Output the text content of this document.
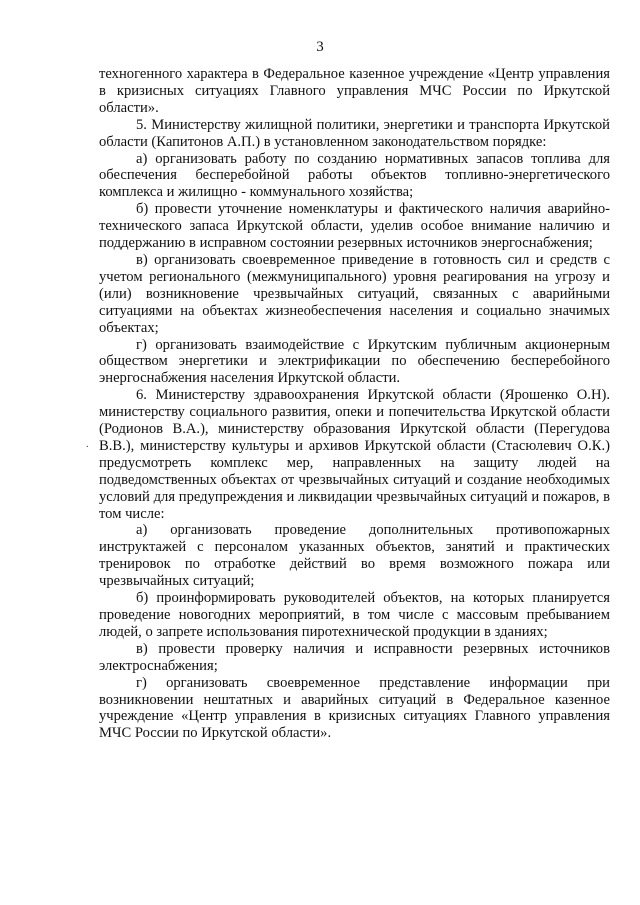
3
.

техногенного характера в Федеральное казенное учреждение «Центр управления в кризисных ситуациях Главного управления МЧС России по Иркутской области».

5. Министерству жилищной политики, энергетики и транспорта Иркутской области (Капитонов А.П.) в установленном законодательством порядке:

а) организовать работу по созданию нормативных запасов топлива для обеспечения бесперебойной работы объектов топливно-энергетического комплекса и жилищно - коммунального хозяйства;

б) провести уточнение номенклатуры и фактического наличия аварийно-технического запаса Иркутской области, уделив особое внимание наличию и поддержанию в исправном состоянии резервных источников энергоснабжения;

в) организовать своевременное приведение в готовность сил и средств с учетом регионального (межмуниципального) уровня реагирования на угрозу и (или) возникновение чрезвычайных ситуаций, связанных с аварийными ситуациями на объектах жизнеобеспечения населения и социально значимых объектах;

г) организовать взаимодействие с Иркутским публичным акционерным обществом энергетики и электрификации по обеспечению бесперебойного энергоснабжения населения Иркутской области.

6. Министерству здравоохранения Иркутской области (Ярошенко О.Н). министерству социального развития, опеки и попечительства Иркутской области (Родионов В.А.), министерству образования Иркутской области (Перегудова В.В.), министерству культуры и архивов Иркутской области (Стасюлевич О.К.) предусмотреть комплекс мер, направленных на защиту людей на подведомственных объектах от чрезвычайных ситуаций и создание необходимых условий для предупреждения и ликвидации чрезвычайных ситуаций и пожаров, в том числе:

а) организовать проведение дополнительных противопожарных инструктажей с персоналом указанных объектов, занятий и практических тренировок по отработке действий во время возможного пожара или чрезвычайных ситуаций;

б) проинформировать руководителей объектов, на которых планируется проведение новогодних мероприятий, в том числе с массовым пребыванием людей, о запрете использования пиротехнической продукции в зданиях;

в) провести проверку наличия и исправности резервных источников электроснабжения;

г) организовать своевременное представление информации при возникновении нештатных и аварийных ситуаций в Федеральное казенное учреждение «Центр управления в кризисных ситуациях Главного управления МЧС России по Иркутской области».
